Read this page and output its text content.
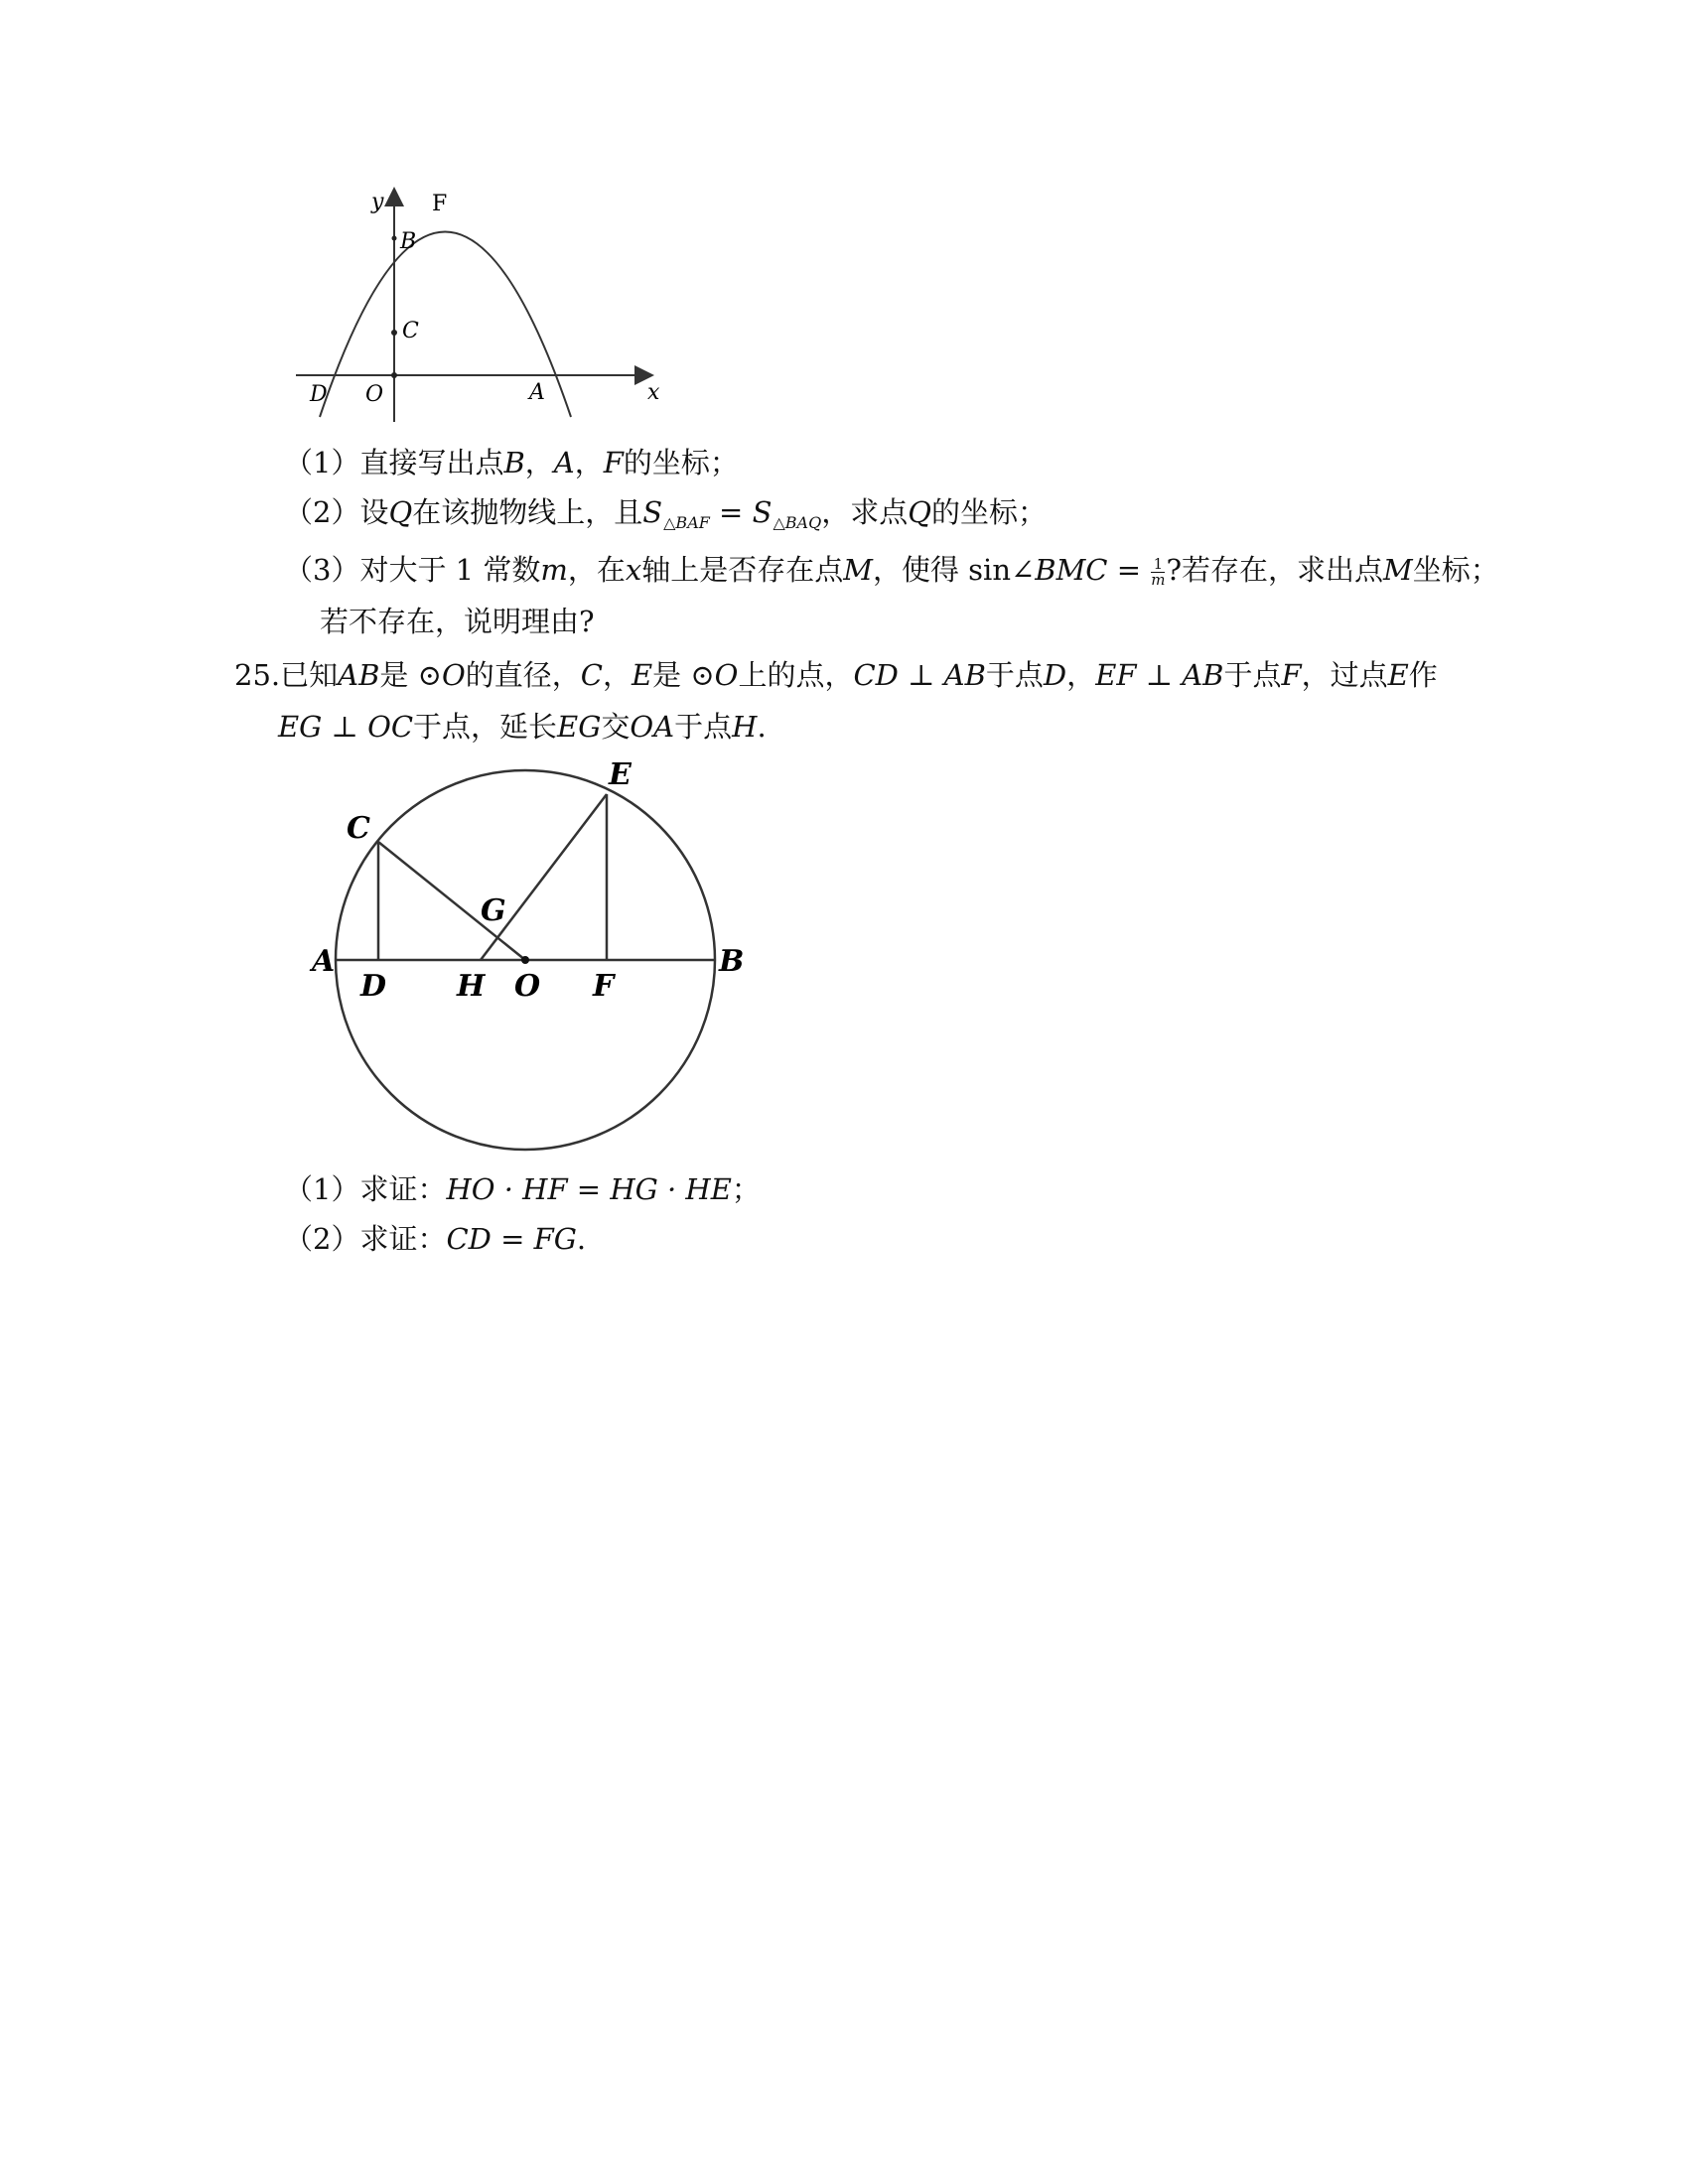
y F
B
C
D O	A	x
（1）直接写出点B，A，F的坐标；
（2）设Q在该抛物线上，且$S_{\triangle BAF} = S_{\triangle BAQ}$，求点Q的坐标；
（3）对大于 1 常数m，在x轴上是否存在点M，使得 sin∠BMC = $\frac{1}{m}$ ?若存在，求出点M坐标；
若不存在，说明理由?
25.已知AB是 ⊙O的直径，C，E是 ⊙O上的点，CD ⊥ AB于点D，EF ⊥ AB于点F，过点E作
EG ⊥ OC于点，延长EG交OA于点H.
E
C
G
A
D H O F
B
（1）求证：HO · HF = HG · HE；
（2）求证：CD = FG.
